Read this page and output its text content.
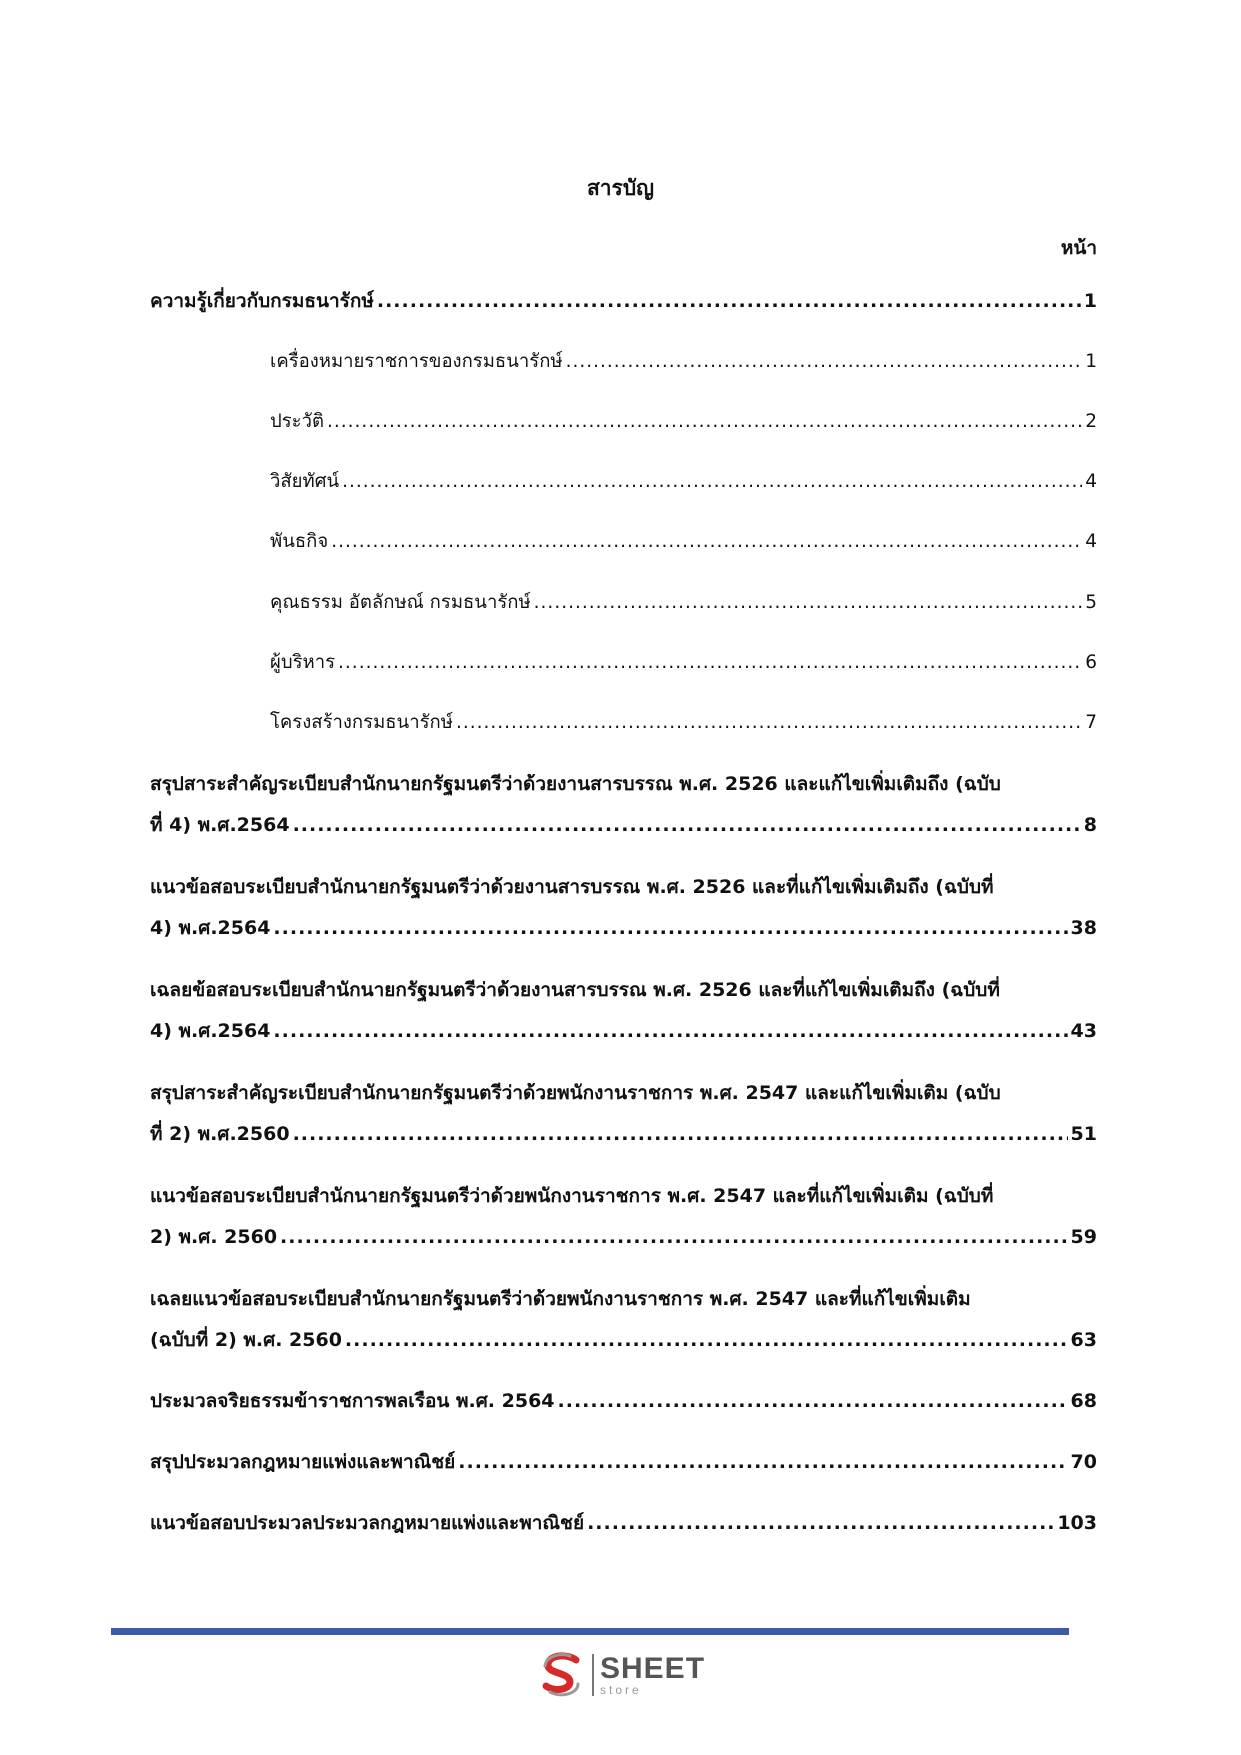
สารบัญ
หน้า
ความรู้เกี่ยวกับกรมธนารักษ์ .....	1
เครื่องหมายราชการของกรมธนารักษ์ .....	1
ประวัติ .....	2
วิสัยทัศน์ .....	4
พันธกิจ .....	4
คุณธรรม อัตลักษณ์ กรมธนารักษ์ .....	5
ผู้บริหาร .....	6
โครงสร้างกรมธนารักษ์ .....	7
สรุปสาระสำคัญระเบียบสำนักนายกรัฐมนตรีว่าด้วยงานสารบรรณ พ.ศ. 2526 และแก้ไขเพิ่มเติมถึง (ฉบับ
ที่ 4) พ.ศ.2564 .....	8
แนวข้อสอบระเบียบสำนักนายกรัฐมนตรีว่าด้วยงานสารบรรณ พ.ศ. 2526 และที่แก้ไขเพิ่มเติมถึง (ฉบับที่
4) พ.ศ.2564 .....	38
เฉลยข้อสอบระเบียบสำนักนายกรัฐมนตรีว่าด้วยงานสารบรรณ พ.ศ. 2526 และที่แก้ไขเพิ่มเติมถึง (ฉบับที่
4) พ.ศ.2564 .....	43
สรุปสาระสำคัญระเบียบสำนักนายกรัฐมนตรีว่าด้วยพนักงานราชการ พ.ศ. 2547 และแก้ไขเพิ่มเติม (ฉบับ
ที่ 2) พ.ศ.2560 .....	51
แนวข้อสอบระเบียบสำนักนายกรัฐมนตรีว่าด้วยพนักงานราชการ พ.ศ. 2547 และที่แก้ไขเพิ่มเติม (ฉบับที่
2) พ.ศ. 2560 .....	59
เฉลยแนวข้อสอบระเบียบสำนักนายกรัฐมนตรีว่าด้วยพนักงานราชการ พ.ศ. 2547 และที่แก้ไขเพิ่มเติม
(ฉบับที่ 2) พ.ศ. 2560 .....	63
ประมวลจริยธรรมข้าราชการพลเรือน พ.ศ. 2564 .....	68
สรุปประมวลกฎหมายแพ่งและพาณิชย์ .....	70
แนวข้อสอบประมวลประมวลกฎหมายแพ่งและพาณิชย์ .....	103
SHEET
store
